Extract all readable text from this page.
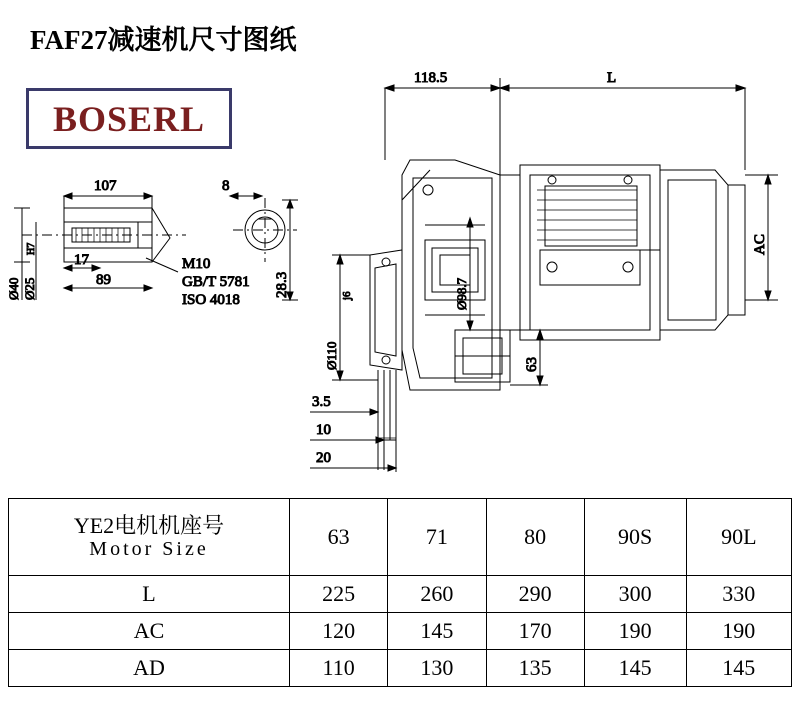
FAF27减速机尺寸图纸
BOSERL
107
Ø40 Ø25
H7
17
89
M10
GB/T 5781
ISO 4018
8
28.3
118.5	L
AC
Ø98.7
Ø110
j6
63
3.5
10
20
YE2电机机座号
Motor Size	63	71	80	90S	90L
L	225	260	290	300	330
AC	120	145	170	190	190
AD	110	130	135	145	145
